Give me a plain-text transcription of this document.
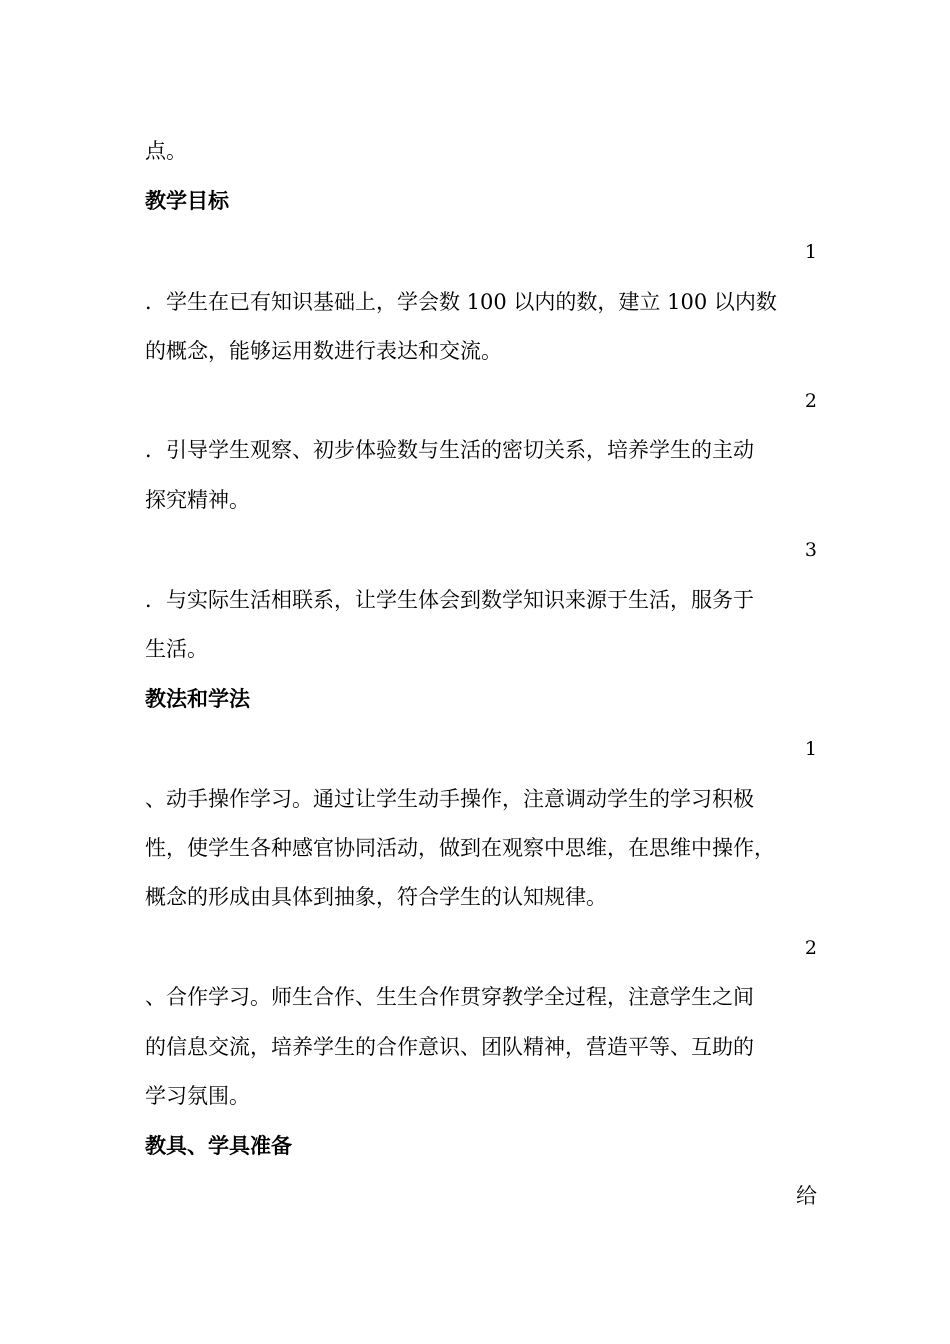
点。
教学目标
1
．学生在已有知识基础上，学会数 100 以内的数，建立 100 以内数
的概念，能够运用数进行表达和交流。
2
．引导学生观察、初步体验数与生活的密切关系，培养学生的主动
探究精神。
3
．与实际生活相联系，让学生体会到数学知识来源于生活，服务于
生活。
教法和学法
1
、动手操作学习。通过让学生动手操作，注意调动学生的学习积极
性，使学生各种感官协同活动，做到在观察中思维，在思维中操作，
概念的形成由具体到抽象，符合学生的认知规律。
2
、合作学习。师生合作、生生合作贯穿教学全过程，注意学生之间
的信息交流，培养学生的合作意识、团队精神，营造平等、互助的
学习氛围。
教具、学具准备
给
